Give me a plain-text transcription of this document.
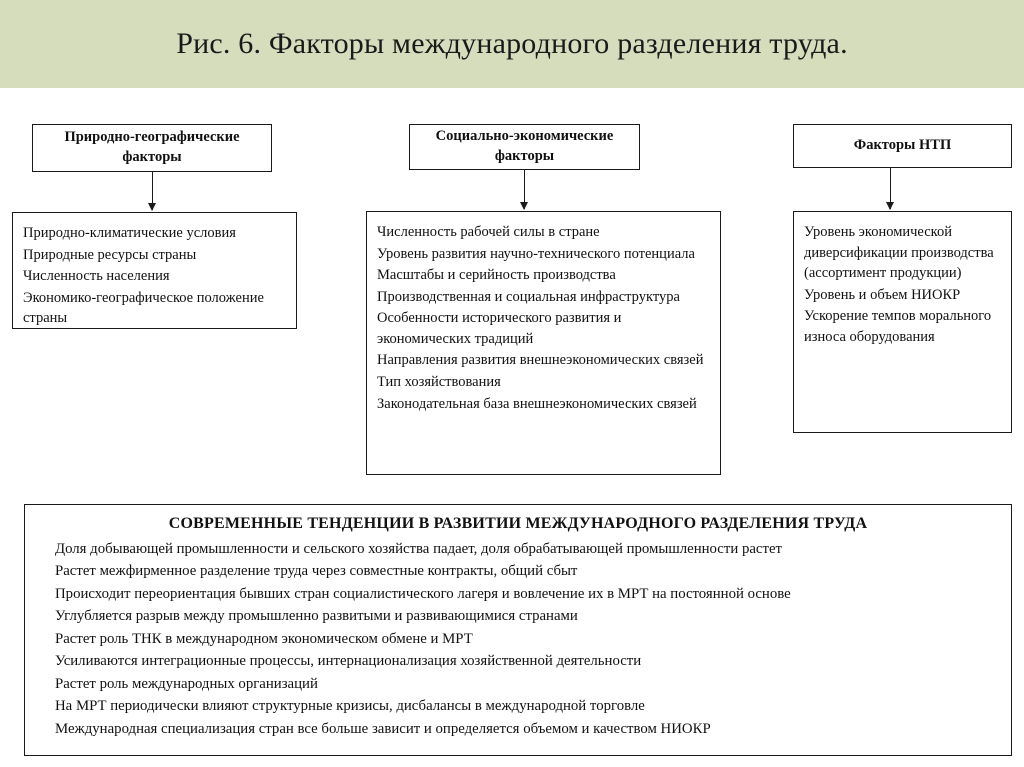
Рис. 6. Факторы международного разделения труда.
Природно-географические факторы
Природно-климатические условия
Природные ресурсы страны
Численность населения
Экономико-географическое положение страны
Социально-экономические факторы
Численность рабочей силы в стране
Уровень развития научно-технического потенциала
Масштабы и серийность производства
Производственная и социальная инфраструктура
Особенности исторического развития и экономических традиций
Направления развития внешнеэкономических связей
Тип хозяйствования
Законодательная база внешнеэкономических связей
Факторы НТП
Уровень экономической диверсификации производства (ассортимент продукции)
Уровень и объем НИОКР
Ускорение темпов морального износа оборудования
СОВРЕМЕННЫЕ ТЕНДЕНЦИИ В РАЗВИТИИ МЕЖДУНАРОДНОГО РАЗДЕЛЕНИЯ ТРУДА
Доля добывающей промышленности и сельского хозяйства падает, доля обрабатывающей промышленности растет
Растет межфирменное разделение труда через совместные контракты, общий сбыт
Происходит переориентация бывших стран социалистического лагеря и вовлечение их в МРТ на постоянной основе
Углубляется разрыв между промышленно развитыми и развивающимися странами
Растет роль ТНК в международном экономическом обмене и МРТ
Усиливаются интеграционные процессы, интернационализация хозяйственной деятельности
Растет роль международных организаций
На МРТ периодически влияют структурные кризисы, дисбалансы в международной торговле
Международная специализация стран все больше зависит и определяется объемом и качеством НИОКР
